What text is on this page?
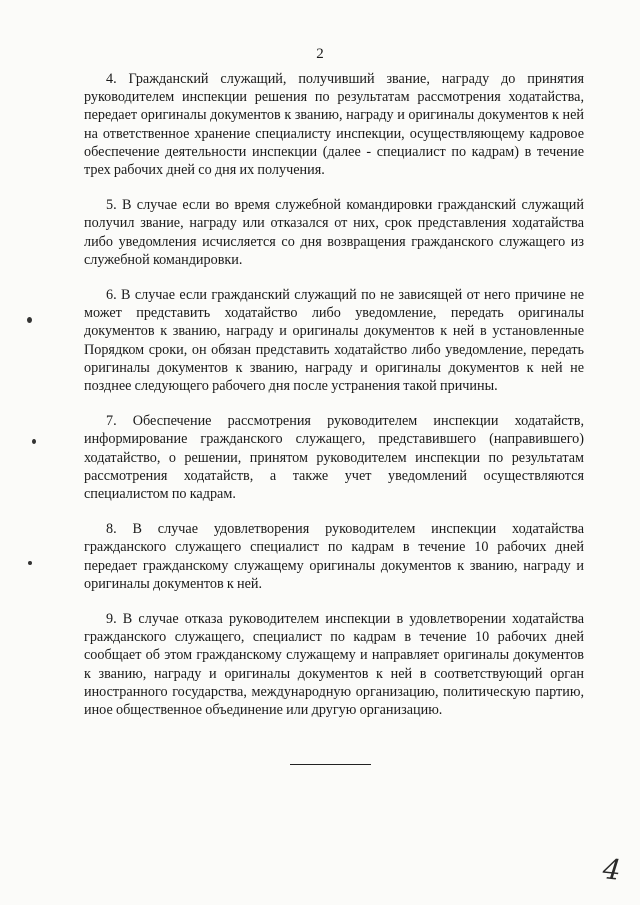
2

4. Гражданский служащий, получивший звание, награду до принятия руководителем инспекции решения по результатам рассмотрения ходатайства, передает оригиналы документов к званию, награду и оригиналы документов к ней на ответственное хранение специалисту инспекции, осуществляющему кадровое обеспечение деятельности инспекции (далее - специалист по кадрам) в течение трех рабочих дней со дня их получения.

5. В случае если во время служебной командировки гражданский служащий получил звание, награду или отказался от них, срок представления ходатайства либо уведомления исчисляется со дня возвращения гражданского служащего из служебной командировки.

6. В случае если гражданский служащий по не зависящей от него причине не может представить ходатайство либо уведомление, передать оригиналы документов к званию, награду и оригиналы документов к ней в установленные Порядком сроки, он обязан представить ходатайство либо уведомление, передать оригиналы документов к званию, награду и оригиналы документов к ней не позднее следующего рабочего дня после устранения такой причины.

7. Обеспечение рассмотрения руководителем инспекции ходатайств, информирование гражданского служащего, представившего (направившего) ходатайство, о решении, принятом руководителем инспекции по результатам рассмотрения ходатайств, а также учет уведомлений осуществляются специалистом по кадрам.

8. В случае удовлетворения руководителем инспекции ходатайства гражданского служащего специалист по кадрам в течение 10 рабочих дней передает гражданскому служащему оригиналы документов к званию, награду и оригиналы документов к ней.

9. В случае отказа руководителем инспекции в удовлетворении ходатайства гражданского служащего, специалист по кадрам в течение 10 рабочих дней сообщает об этом гражданскому служащему и направляет оригиналы документов к званию, награду и оригиналы документов к ней в соответствующий орган иностранного государства, международную организацию, политическую партию, иное общественное объединение или другую организацию.

4
